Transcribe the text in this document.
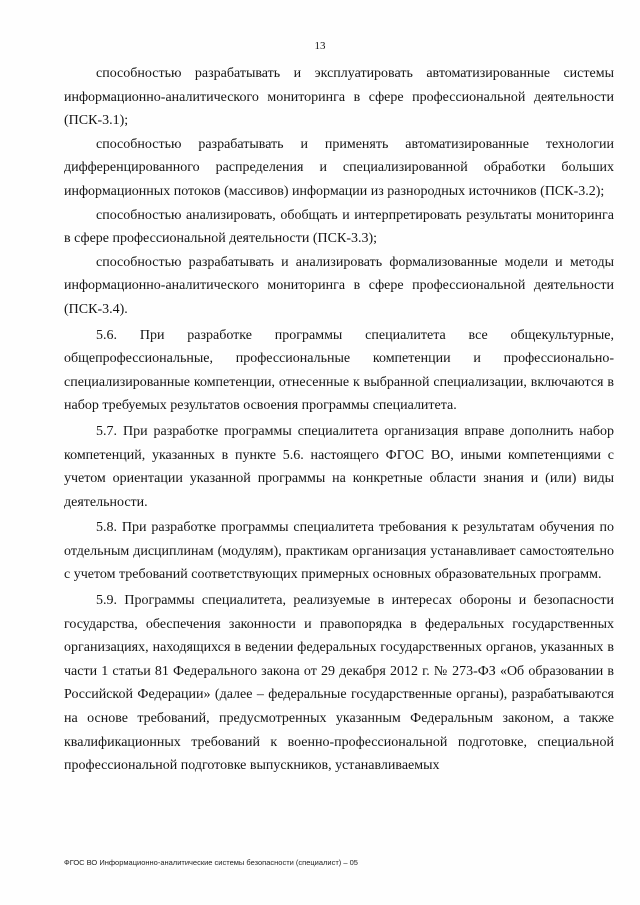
13

способностью разрабатывать и эксплуатировать автоматизированные системы информационно-аналитического мониторинга в сфере профессиональной деятельности (ПСК-3.1);

способностью разрабатывать и применять автоматизированные технологии дифференцированного распределения и специализированной обработки больших информационных потоков (массивов) информации из разнородных источников (ПСК-3.2);

способностью анализировать, обобщать и интерпретировать результаты мониторинга в сфере профессиональной деятельности (ПСК-3.3);

способностью разрабатывать и анализировать формализованные модели и методы информационно-аналитического мониторинга в сфере профессиональной деятельности (ПСК-3.4).

5.6. При разработке программы специалитета все общекультурные, общепрофессиональные, профессиональные компетенции и профессионально-специализированные компетенции, отнесенные к выбранной специализации, включаются в набор требуемых результатов освоения программы специалитета.

5.7. При разработке программы специалитета организация вправе дополнить набор компетенций, указанных в пункте 5.6. настоящего ФГОС ВО, иными компетенциями с учетом ориентации указанной программы на конкретные области знания и (или) виды деятельности.

5.8. При разработке программы специалитета требования к результатам обучения по отдельным дисциплинам (модулям), практикам организация устанавливает самостоятельно с учетом требований соответствующих примерных основных образовательных программ.

5.9. Программы специалитета, реализуемые в интересах обороны и безопасности государства, обеспечения законности и правопорядка в федеральных государственных организациях, находящихся в ведении федеральных государственных органов, указанных в части 1 статьи 81 Федерального закона от 29 декабря 2012 г. № 273-ФЗ «Об образовании в Российской Федерации» (далее – федеральные государственные органы), разрабатываются на основе требований, предусмотренных указанным Федеральным законом, а также квалификационных требований к военно-профессиональной подготовке, специальной профессиональной подготовке выпускников, устанавливаемых

ФГОС ВО Информационно-аналитические системы безопасности (специалист) – 05
